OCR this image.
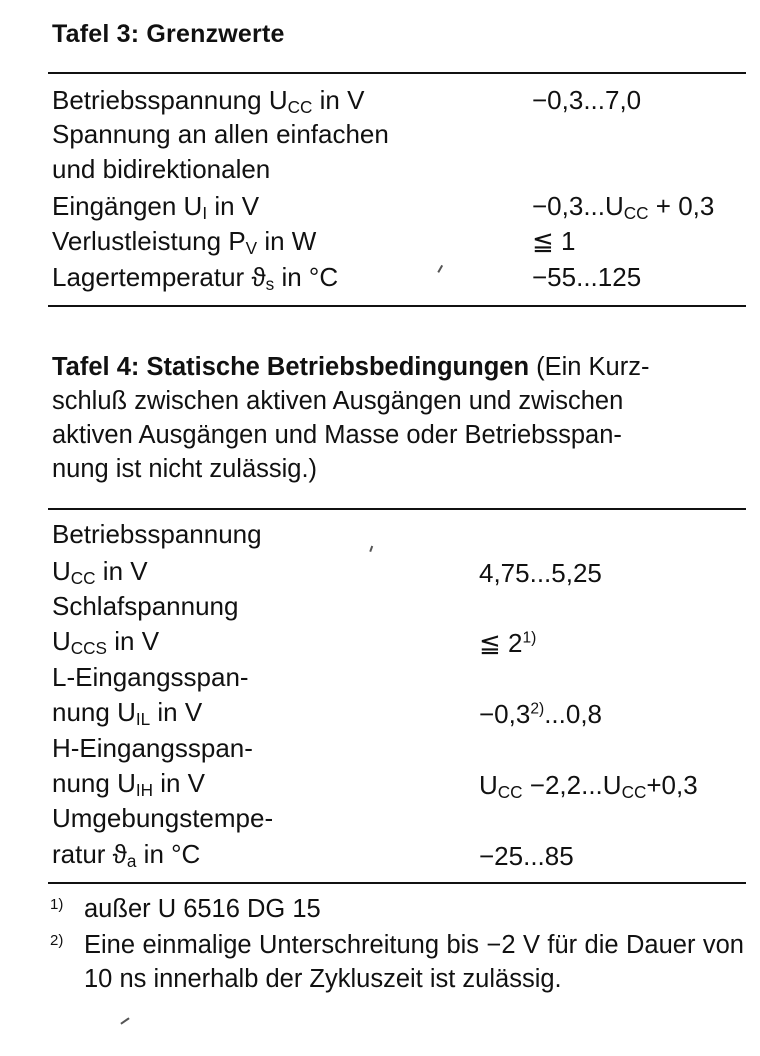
Tafel 3: Grenzwerte
Betriebsspannung $U_{CC}$ in V	−0,3...7,0
Spannung an allen einfachen
und bidirektionalen
Eingängen $U_I$ in V	$-0,3...U_{CC} + 0,3$
Verlustleistung $P_V$ in W	≦ 1
Lagertemperatur $ϑ_s$ in °C	−55...125
Tafel 4: Statische Betriebsbedingungen (Ein Kurz-
schluß zwischen aktiven Ausgängen und zwischen
aktiven Ausgängen und Masse oder Betriebsspan-
nung ist nicht zulässig.)
Betriebsspannung
$U_{CC}$ in V	4,75...5,25
Schlafspannung
$U_{CCS}$ in V	≦ 2$^{1)}$
L-Eingangsspan-
nung $U_{IL}$ in V	$-0,3^{2)}...0,8$
H-Eingangsspan-
nung $U_{IH}$ in V	$U_{CC} -2,2...U_{CC}+0,3$
Umgebungstempe-
ratur $ϑ_a$ in °C	−25...85
1) außer U 6516 DG 15
2) Eine einmalige Unterschreitung bis −2 V für die Dauer von 10 ns innerhalb der Zykluszeit ist zulässig.
